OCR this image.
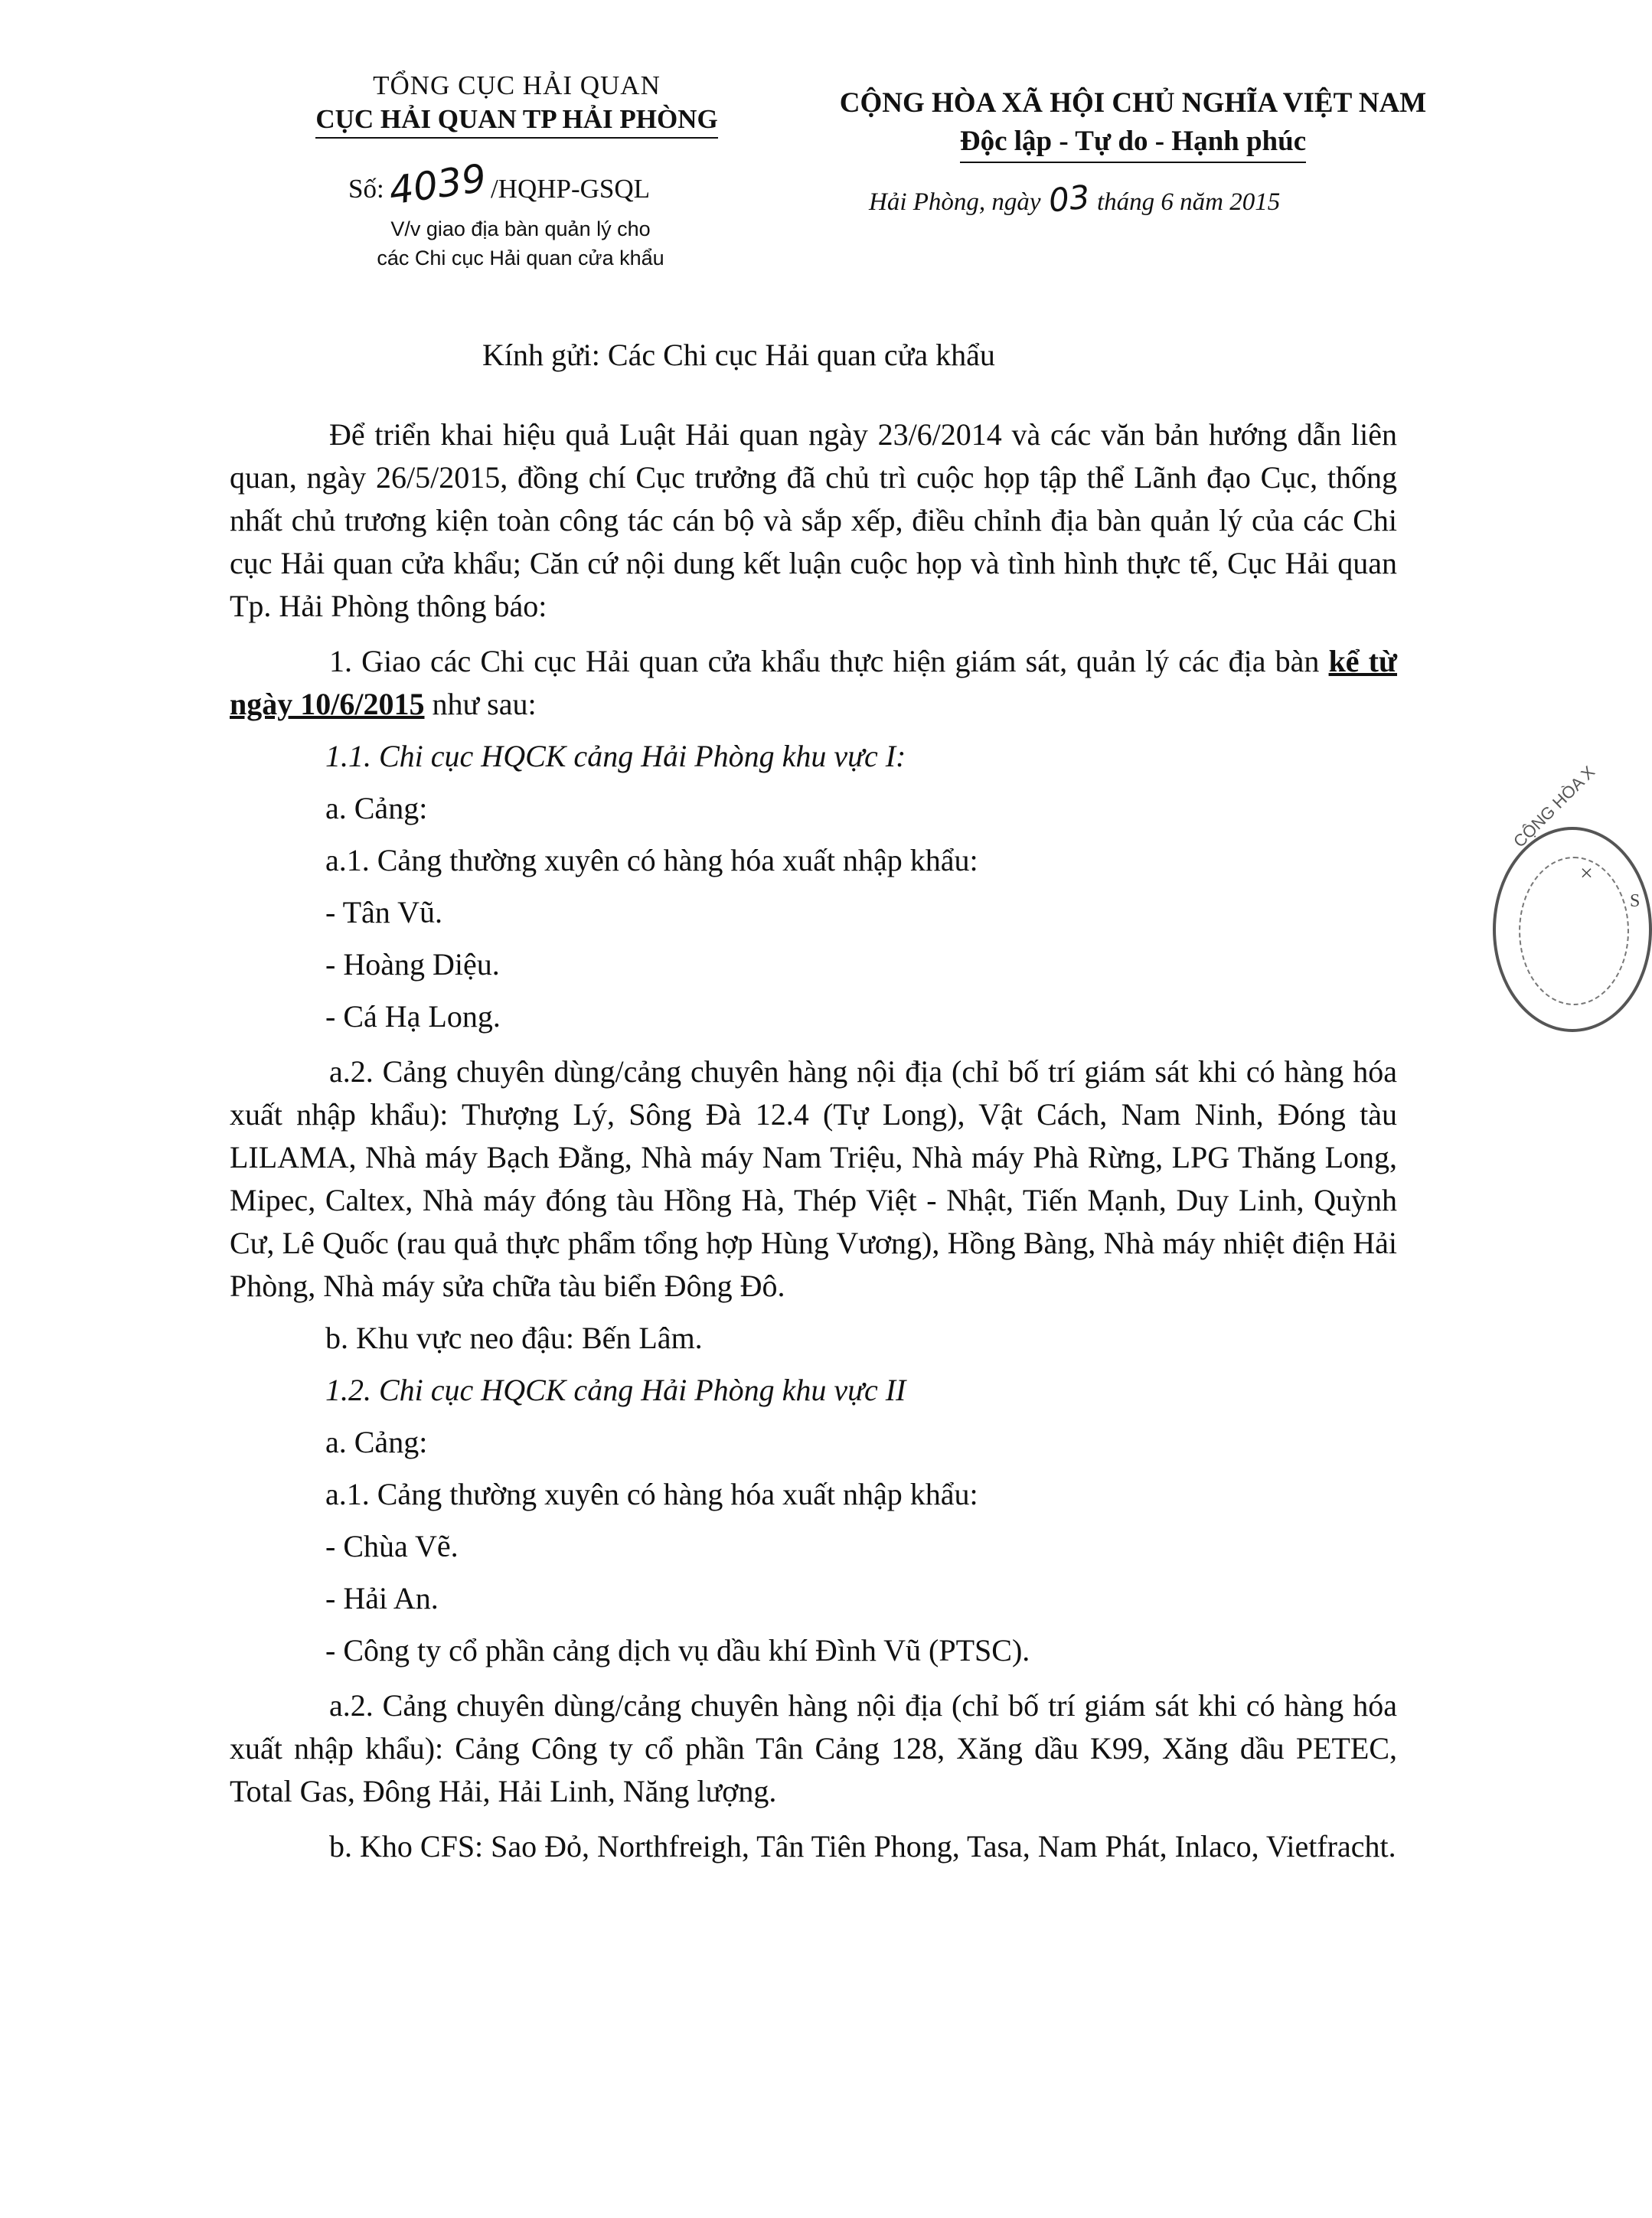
TỔNG CỤC HẢI QUAN
CỤC HẢI QUAN TP HẢI PHÒNG
CỘNG HÒA XÃ HỘI CHỦ NGHĨA VIỆT NAM
Độc lập - Tự do - Hạnh phúc
Số:4039/HQHP-GSQL
V/v giao địa bàn quản lý cho
các Chi cục Hải quan cửa khẩu
Hải Phòng, ngày 03 tháng 6 năm 2015
Kính gửi: Các Chi cục Hải quan cửa khẩu

Để triển khai hiệu quả Luật Hải quan ngày 23/6/2014 và các văn bản hướng dẫn liên quan, ngày 26/5/2015, đồng chí Cục trưởng đã chủ trì cuộc họp tập thể Lãnh đạo Cục, thống nhất chủ trương kiện toàn công tác cán bộ và sắp xếp, điều chỉnh địa bàn quản lý của các Chi cục Hải quan cửa khẩu; Căn cứ nội dung kết luận cuộc họp và tình hình thực tế, Cục Hải quan Tp. Hải Phòng thông báo:

1. Giao các Chi cục Hải quan cửa khẩu thực hiện giám sát, quản lý các địa bàn kể từ ngày 10/6/2015 như sau:

1.1. Chi cục HQCK cảng Hải Phòng khu vực I:

a. Cảng:

a.1. Cảng thường xuyên có hàng hóa xuất nhập khẩu:

- Tân Vũ.

- Hoàng Diệu.

- Cá Hạ Long.

a.2. Cảng chuyên dùng/cảng chuyên hàng nội địa (chỉ bố trí giám sát khi có hàng hóa xuất nhập khẩu): Thượng Lý, Sông Đà 12.4 (Tự Long), Vật Cách, Nam Ninh, Đóng tàu LILAMA, Nhà máy Bạch Đằng, Nhà máy Nam Triệu, Nhà máy Phà Rừng, LPG Thăng Long, Mipec, Caltex, Nhà máy đóng tàu Hồng Hà, Thép Việt - Nhật, Tiến Mạnh, Duy Linh, Quỳnh Cư, Lê Quốc (rau quả thực phẩm tổng hợp Hùng Vương), Hồng Bàng, Nhà máy nhiệt điện Hải Phòng, Nhà máy sửa chữa tàu biển Đông Đô.

b. Khu vực neo đậu: Bến Lâm.

1.2. Chi cục HQCK cảng Hải Phòng khu vực II

a. Cảng:

a.1. Cảng thường xuyên có hàng hóa xuất nhập khẩu:

- Chùa Vẽ.

- Hải An.

- Công ty cổ phần cảng dịch vụ dầu khí Đình Vũ (PTSC).

a.2. Cảng chuyên dùng/cảng chuyên hàng nội địa (chỉ bố trí giám sát khi có hàng hóa xuất nhập khẩu): Cảng Công ty cổ phần Tân Cảng 128, Xăng dầu K99, Xăng dầu PETEC, Total Gas, Đông Hải, Hải Linh, Năng lượng.

b. Kho CFS: Sao Đỏ, Northfreigh, Tân Tiên Phong, Tasa, Nam Phát, Inlaco, Vietfracht.

CỘNG HÒA X
×
S
